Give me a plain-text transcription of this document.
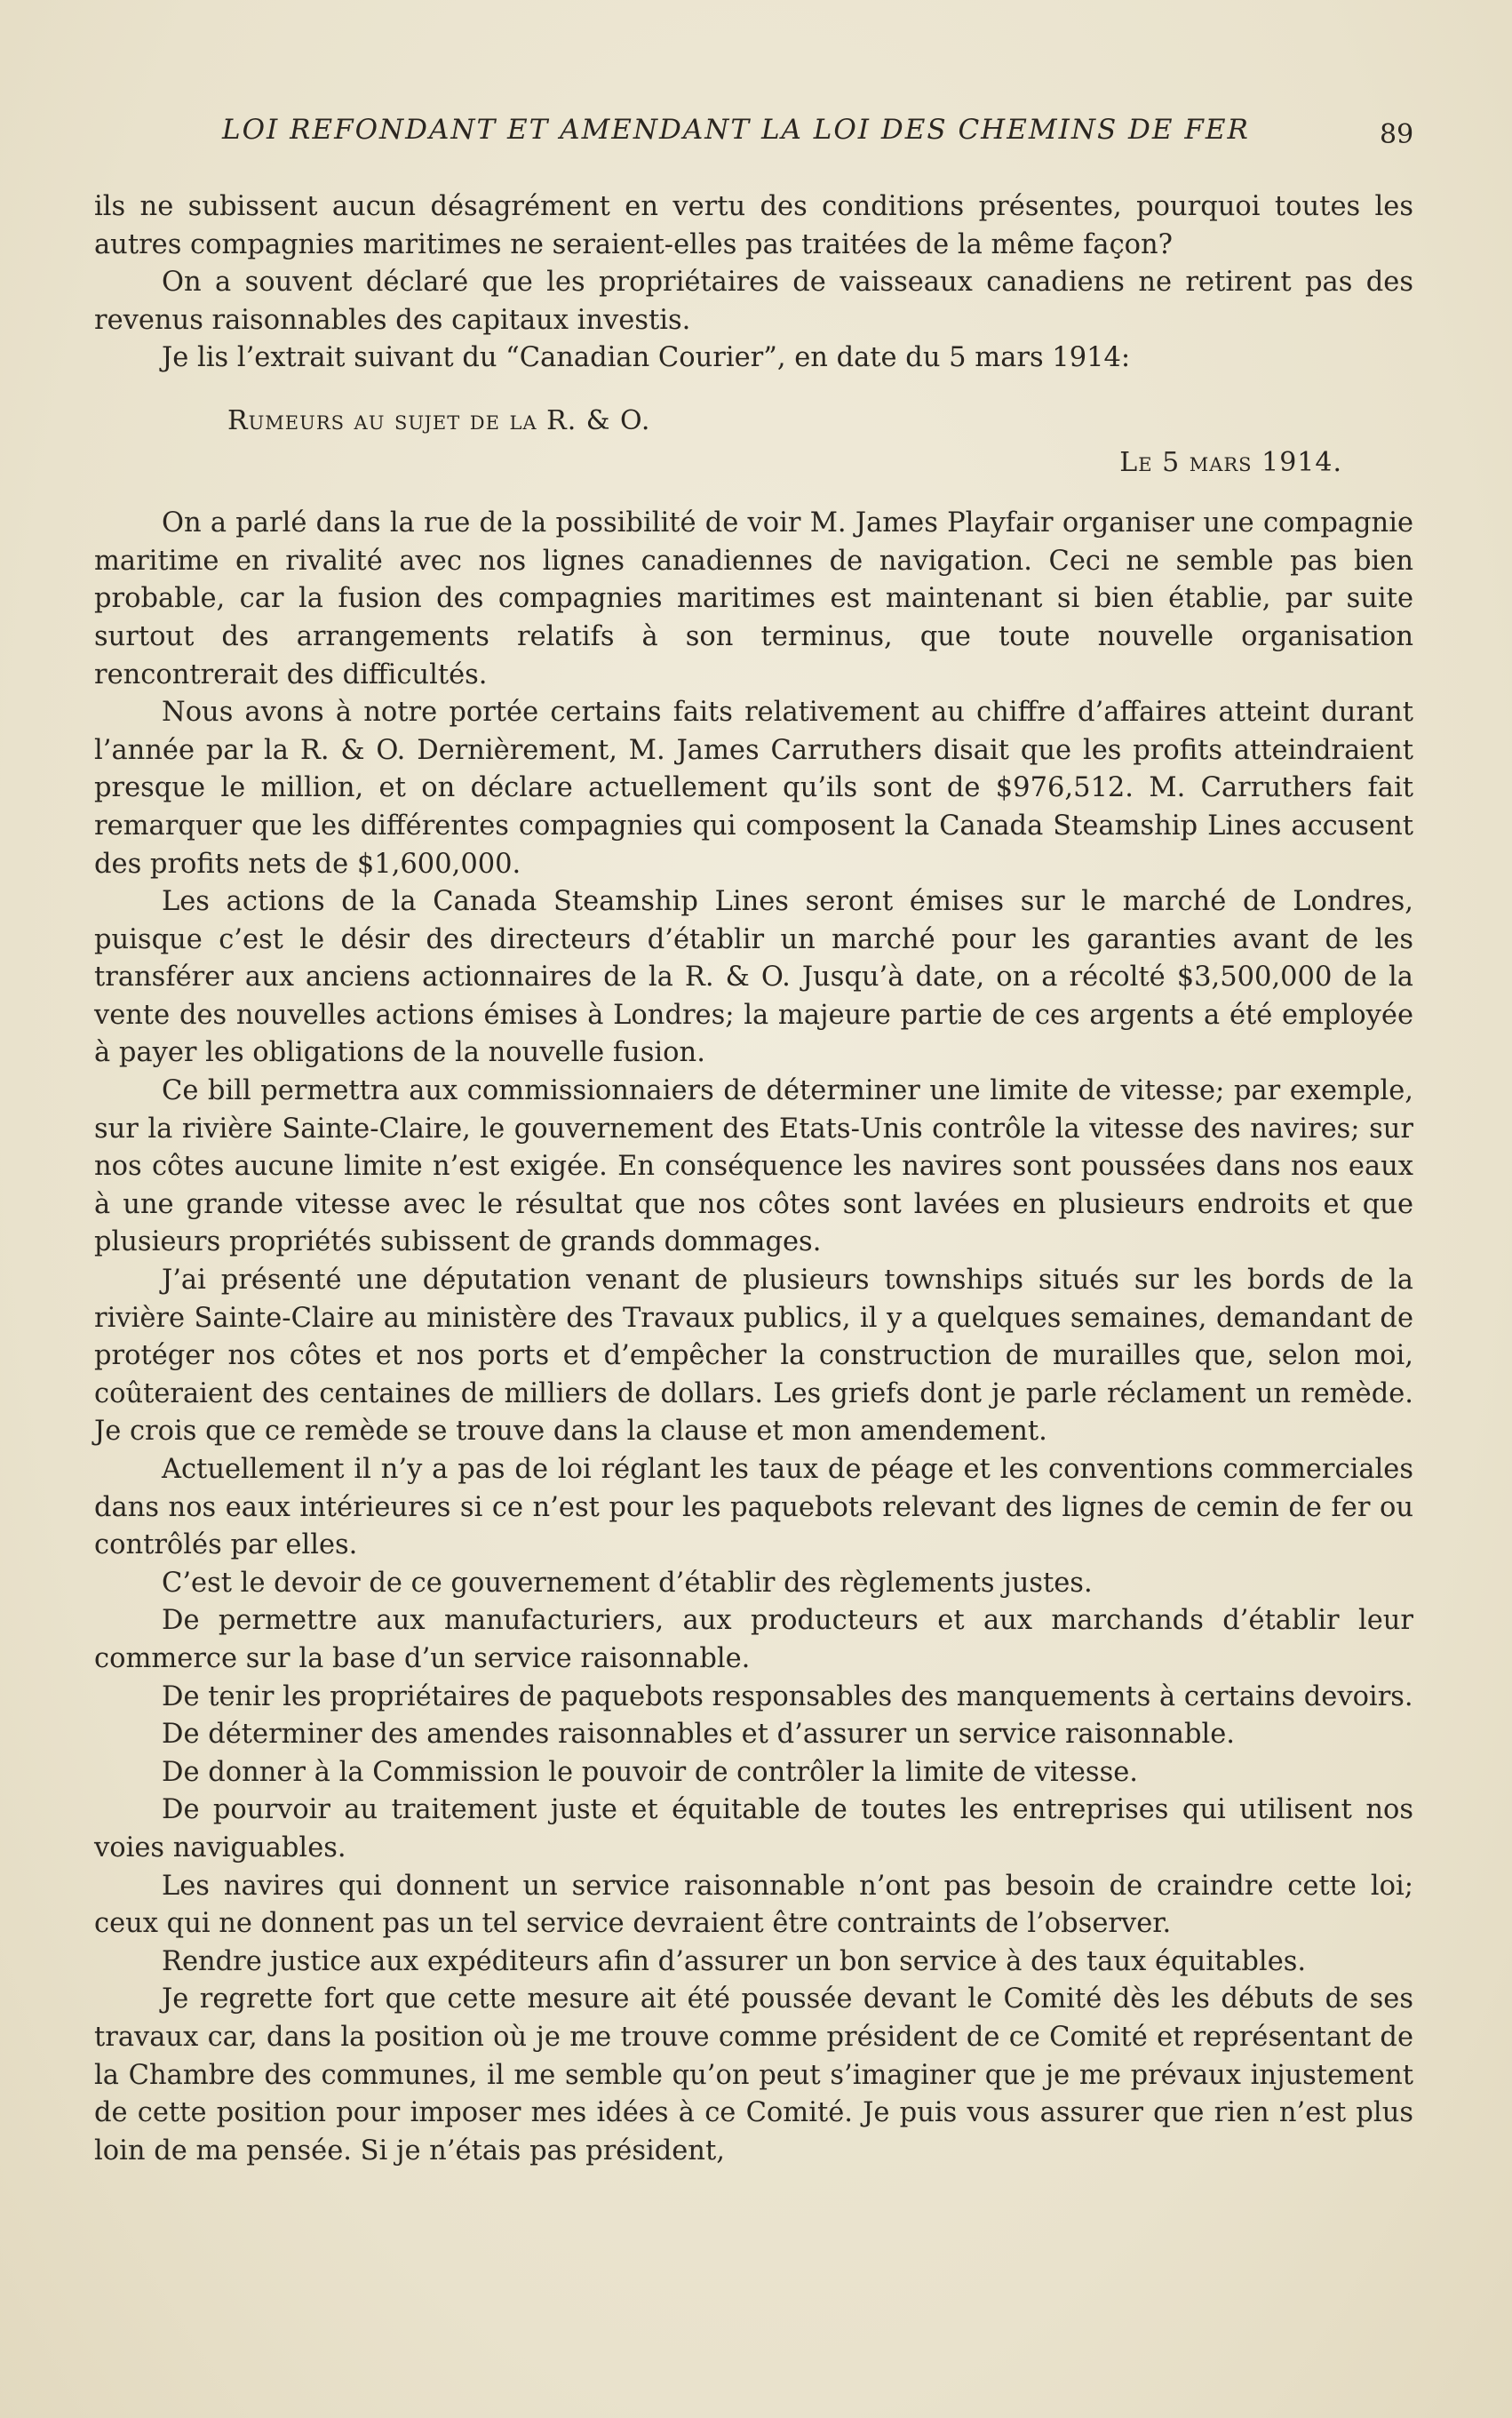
LOI REFONDANT ET AMENDANT LA LOI DES CHEMINS DE FER	89

ils ne subissent aucun désagrément en vertu des conditions présentes, pourquoi toutes les autres compagnies maritimes ne seraient-elles pas traitées de la même façon?

On a souvent déclaré que les propriétaires de vaisseaux canadiens ne retirent pas des revenus raisonnables des capitaux investis.

Je lis l’extrait suivant du “Canadian Courier”, en date du 5 mars 1914:

Rumeurs au sujet de la R. & O.
Le 5 mars 1914.

On a parlé dans la rue de la possibilité de voir M. James Playfair organiser une compagnie maritime en rivalité avec nos lignes canadiennes de navigation. Ceci ne semble pas bien probable, car la fusion des compagnies maritimes est maintenant si bien établie, par suite surtout des arrangements relatifs à son terminus, que toute nouvelle organisation rencontrerait des difficultés.

Nous avons à notre portée certains faits relativement au chiffre d’affaires atteint durant l’année par la R. & O. Dernièrement, M. James Carruthers disait que les profits atteindraient presque le million, et on déclare actuellement qu’ils sont de $976,512. M. Carruthers fait remarquer que les différentes compagnies qui composent la Canada Steamship Lines accusent des profits nets de $1,600,000.

Les actions de la Canada Steamship Lines seront émises sur le marché de Londres, puisque c’est le désir des directeurs d’établir un marché pour les garanties avant de les transférer aux anciens actionnaires de la R. & O. Jusqu’à date, on a récolté $3,500,000 de la vente des nouvelles actions émises à Londres; la majeure partie de ces argents a été employée à payer les obligations de la nouvelle fusion.

Ce bill permettra aux commissionnaiers de déterminer une limite de vitesse; par exemple, sur la rivière Sainte-Claire, le gouvernement des Etats-Unis contrôle la vitesse des navires; sur nos côtes aucune limite n’est exigée. En conséquence les navires sont poussées dans nos eaux à une grande vitesse avec le résultat que nos côtes sont lavées en plusieurs endroits et que plusieurs propriétés subissent de grands dommages.

J’ai présenté une députation venant de plusieurs townships situés sur les bords de la rivière Sainte-Claire au ministère des Travaux publics, il y a quelques semaines, demandant de protéger nos côtes et nos ports et d’empêcher la construction de murailles que, selon moi, coûteraient des centaines de milliers de dollars. Les griefs dont je parle réclament un remède. Je crois que ce remède se trouve dans la clause et mon amendement.

Actuellement il n’y a pas de loi réglant les taux de péage et les conventions commerciales dans nos eaux intérieures si ce n’est pour les paquebots relevant des lignes de cemin de fer ou contrôlés par elles.

C’est le devoir de ce gouvernement d’établir des règlements justes.

De permettre aux manufacturiers, aux producteurs et aux marchands d’établir leur commerce sur la base d’un service raisonnable.

De tenir les propriétaires de paquebots responsables des manquements à certains devoirs.

De déterminer des amendes raisonnables et d’assurer un service raisonnable.

De donner à la Commission le pouvoir de contrôler la limite de vitesse.

De pourvoir au traitement juste et équitable de toutes les entreprises qui utilisent nos voies naviguables.

Les navires qui donnent un service raisonnable n’ont pas besoin de craindre cette loi; ceux qui ne donnent pas un tel service devraient être contraints de l’observer.

Rendre justice aux expéditeurs afin d’assurer un bon service à des taux équitables.

Je regrette fort que cette mesure ait été poussée devant le Comité dès les débuts de ses travaux car, dans la position où je me trouve comme président de ce Comité et représentant de la Chambre des communes, il me semble qu’on peut s’imaginer que je me prévaux injustement de cette position pour imposer mes idées à ce Comité. Je puis vous assurer que rien n’est plus loin de ma pensée. Si je n’étais pas président,
